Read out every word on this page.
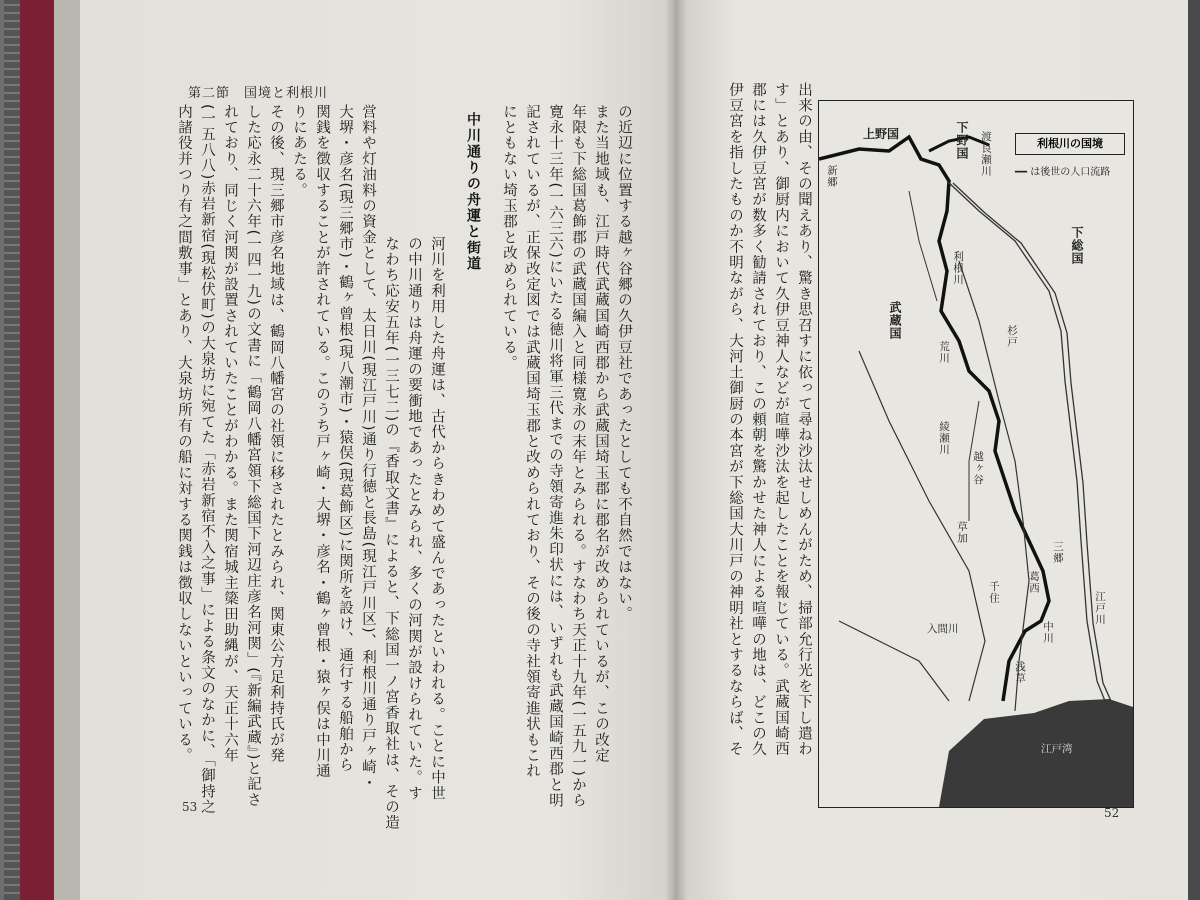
第二節　国境と利根川
の近辺に位置する越ヶ谷郷の久伊豆社であったとしても不自然ではない。
また当地域も、江戸時代武蔵国崎西郡から武蔵国埼玉郡に郡名が改められているが、この改定
年限も下総国葛飾郡の武蔵国編入と同様寛永の末年とみられる。すなわち天正十九年(一五九一)から
寛永十三年(一六三六)にいたる徳川将軍三代までの寺領寄進朱印状には、いずれも武蔵国崎西郡と明
記されているが、正保改定図では武蔵国埼玉郡と改められており、その後の寺社領寄進状もこれ
にともない埼玉郡と改められている。
中川通りの舟運と街道
河川を利用した舟運は、古代からきわめて盛んであったといわれる。ことに中世
の中川通りは舟運の要衝地であったとみられ、多くの河関が設けられていた。す
なわち応安五年(一三七二)の『香取文書』によると、下総国一ノ宮香取社は、その造
営料や灯油料の資金として、太日川(現江戸川)通り行徳と長島(現江戸川区)、利根川通り戸ヶ崎・
大堺・彦名(現三郷市)・鶴ヶ曾根(現八潮市)・猿俣(現葛飾区)に関所を設け、通行する船舶から
関銭を徴収することが許されている。このうち戸ヶ崎・大堺・彦名・鶴ヶ曾根・猿ヶ俣は中川通
りにあたる。
その後、現三郷市彦名地域は、鶴岡八幡宮の社領に移されたとみられ、関東公方足利持氏が発
した応永二十六年(一四一九)の文書に「鶴岡八幡宮領下総国下河辺庄彦名河関」(『新編武蔵』)と記さ
れており、同じく河関が設置されていたことがわかる。また関宿城主簗田助縄が、天正十六年
(一五八八)赤岩新宿(現松伏町)の大泉坊に宛てた「赤岩新宿不入之事」による条文のなかに、「御持之
内諸役并つり有之間敷事」とあり、大泉坊所有の船に対する関銭は徴収しないといっている。
53
出来の由、その聞えあり、驚き思召すに依って尋ね沙汰せしめんがため、掃部允行光を下し遣わ
す」とあり、御厨内において久伊豆神人などが喧嘩沙汰を起したことを報じている。武蔵国崎西
郡には久伊豆宮が数多く勧請されており、この頼朝を驚かせた神人による喧嘩の地は、どこの久
伊豆宮を指したものか不明ながら、大河土御厨の本宮が下総国大川戸の神明社とするならば、そ	利根川の国境
━━ は後世の人口流路
上野国	下野国
下総国
武蔵国
江戸湾
渡良瀬川
利根川
荒川
中川
江戸川
新郷
綾瀬川
入間川
浅草
杉戸
越ヶ谷
草加
三郷
千住	葛西
52
